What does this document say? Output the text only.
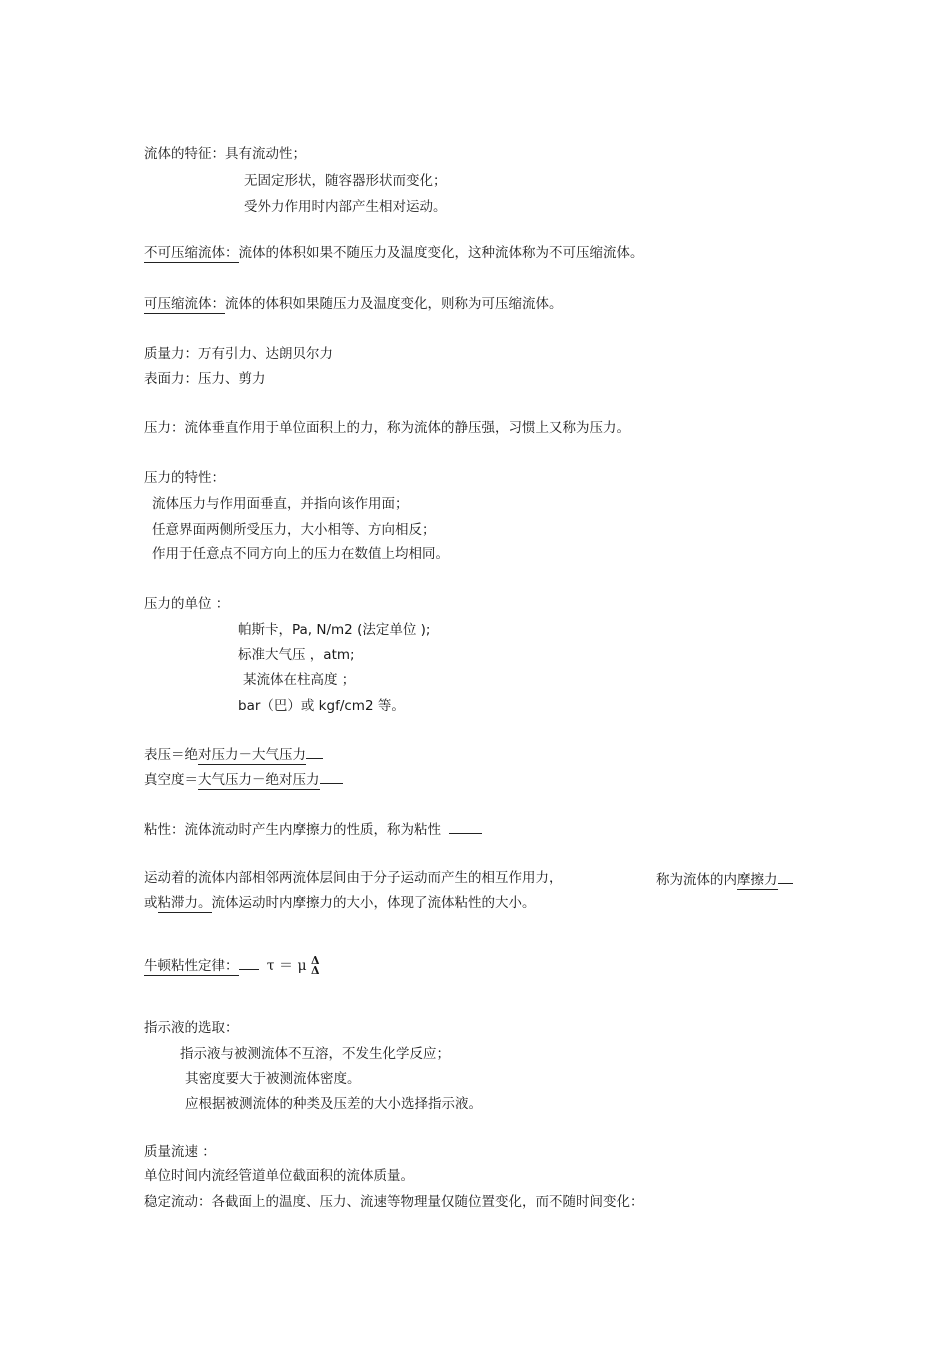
流体的特征：具有流动性；
无固定形状，随容器形状而变化；
受外力作用时内部产生相对运动。
不可压缩流体：流体的体积如果不随压力及温度变化，这种流体称为不可压缩流体。
可压缩流体：流体的体积如果随压力及温度变化，则称为可压缩流体。
质量力：万有引力、达朗贝尔力
表面力：压力、剪力
压力：流体垂直作用于单位面积上的力，称为流体的静压强，习惯上又称为压力。
压力的特性：
流体压力与作用面垂直，并指向该作用面；
任意界面两侧所受压力，大小相等、方向相反；
作用于任意点不同方向上的压力在数值上均相同。
压力的单位 ：
帕斯卡，Pa, N/m2 (法定单位 );
标准大气压 ，atm;
某流体在柱高度 ；
bar（巴）或 kgf/cm2 等。
表压＝绝对压力－大气压力
真空度＝大气压力－绝对压力
粘性：流体流动时产生内摩擦力的性质，称为粘性
运动着的流体内部相邻两流体层间由于分子运动而产生的相互作用力，	称为流体的内摩擦力
或粘滞力。流体运动时内摩擦力的大小，体现了流体粘性的大小。
牛顿粘性定律： τ ＝ μ Δ
Δ
指示液的选取：
指示液与被测流体不互溶，不发生化学反应；
其密度要大于被测流体密度。
应根据被测流体的种类及压差的大小选择指示液。
质量流速 ：
单位时间内流经管道单位截面积的流体质量。
稳定流动：各截面上的温度、压力、流速等物理量仅随位置变化，而不随时间变化：
